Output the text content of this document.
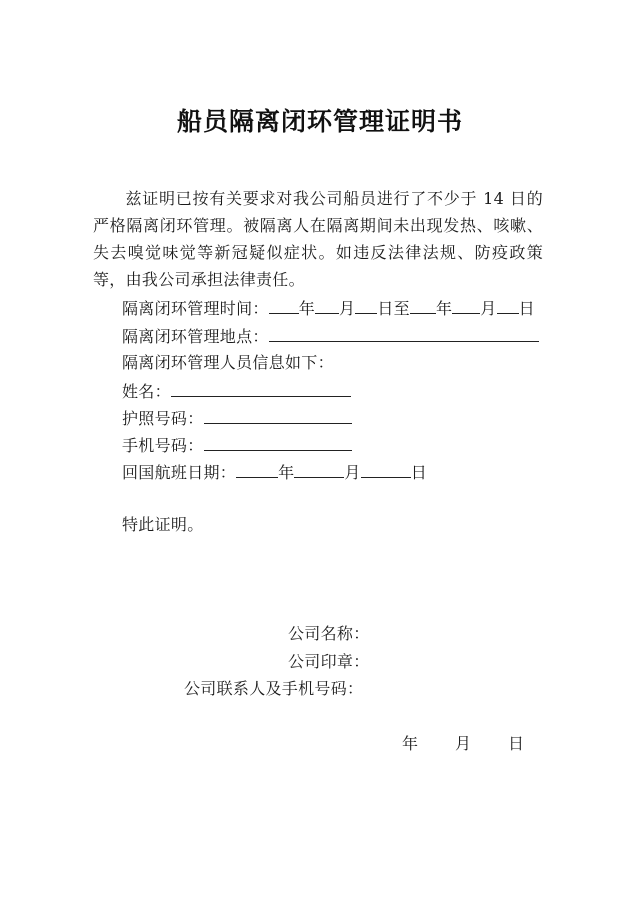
船员隔离闭环管理证明书
兹证明已按有关要求对我公司船员进行了不少于 14 日的严格隔离闭环管理。被隔离人在隔离期间未出现发热、咳嗽、失去嗅觉味觉等新冠疑似症状。如违反法律法规、防疫政策等，由我公司承担法律责任。
隔离闭环管理时间： 年 月 日至 年 月 日
隔离闭环管理地点：
隔离闭环管理人员信息如下：
姓名：
护照号码：
手机号码：
回国航班日期：	年	月	日
特此证明。
公司名称：
公司印章：
公司联系人及手机号码：
年 月 日
